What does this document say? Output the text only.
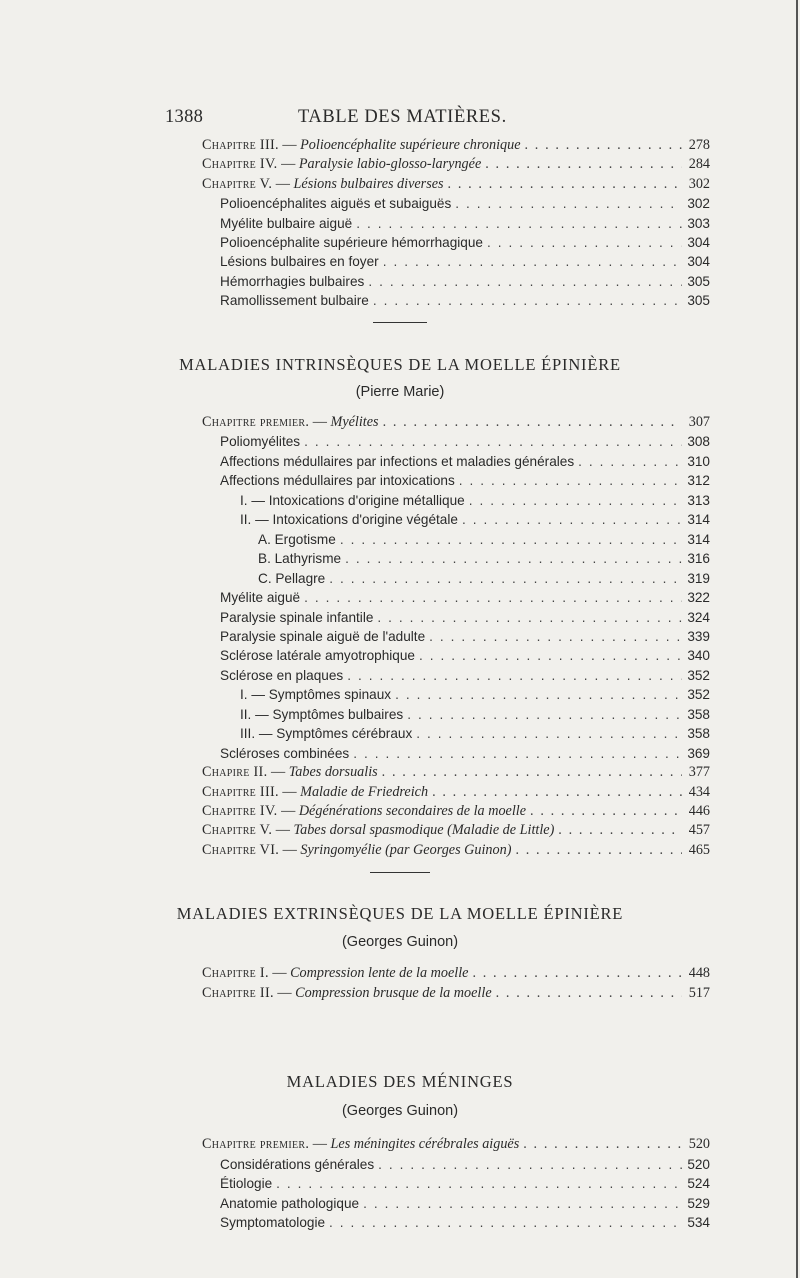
1388	TABLE DES MATIÈRES.
Chapitre III. — Polioencéphalite supérieure chronique . . .	278
Chapitre IV. — Paralysie labio-glosso-laryngée . . .	284
Chapitre V. — Lésions bulbaires diverses . . .	302
Polioencéphalites aiguës et subaiguës . . .	302
Myélite bulbaire aiguë . . .	303
Polioencéphalite supérieure hémorrhagique . . .	304
Lésions bulbaires en foyer . . .	304
Hémorrhagies bulbaires . . .	305
Ramollissement bulbaire . . .	305
MALADIES INTRINSÈQUES DE LA MOELLE ÉPINIÈRE
(Pierre Marie)
Chapitre premier. — Myélites . . .	307
Poliomyélites . . .	308
Affections médullaires par infections et maladies générales . . .	310
Affections médullaires par intoxications . . .	312
I. — Intoxications d'origine métallique . . .	313
II. — Intoxications d'origine végétale . . .	314
A. Ergotisme . . .	314
B. Lathyrisme . . .	316
C. Pellagre . . .	319
Myélite aiguë . . .	322
Paralysie spinale infantile . . .	324
Paralysie spinale aiguë de l'adulte . . .	339
Sclérose latérale amyotrophique . . .	340
Sclérose en plaques . . .	352
I. — Symptômes spinaux . . .	352
II. — Symptômes bulbaires . . .	358
III. — Symptômes cérébraux . . .	358
Scléroses combinées . . .	369
Chapire II. — Tabes dorsualis . . .	377
Chapitre III. — Maladie de Friedreich . . .	434
Chapitre IV. — Dégénérations secondaires de la moelle . . .	446
Chapitre V. — Tabes dorsal spasmodique (Maladie de Little) . . .	457
Chapitre VI. — Syringomyélie (par Georges Guinon) . . .	465
MALADIES EXTRINSÈQUES DE LA MOELLE ÉPINIÈRE
(Georges Guinon)
Chapitre I. — Compression lente de la moelle . . .	448
Chapitre II. — Compression brusque de la moelle . . .	517
MALADIES DES MÉNINGES
(Georges Guinon)
Chapitre premier. — Les méningites cérébrales aiguës . . .	520
Considérations générales . . .	520
Étiologie . . .	524
Anatomie pathologique . . .	529
Symptomatologie . . .	534
